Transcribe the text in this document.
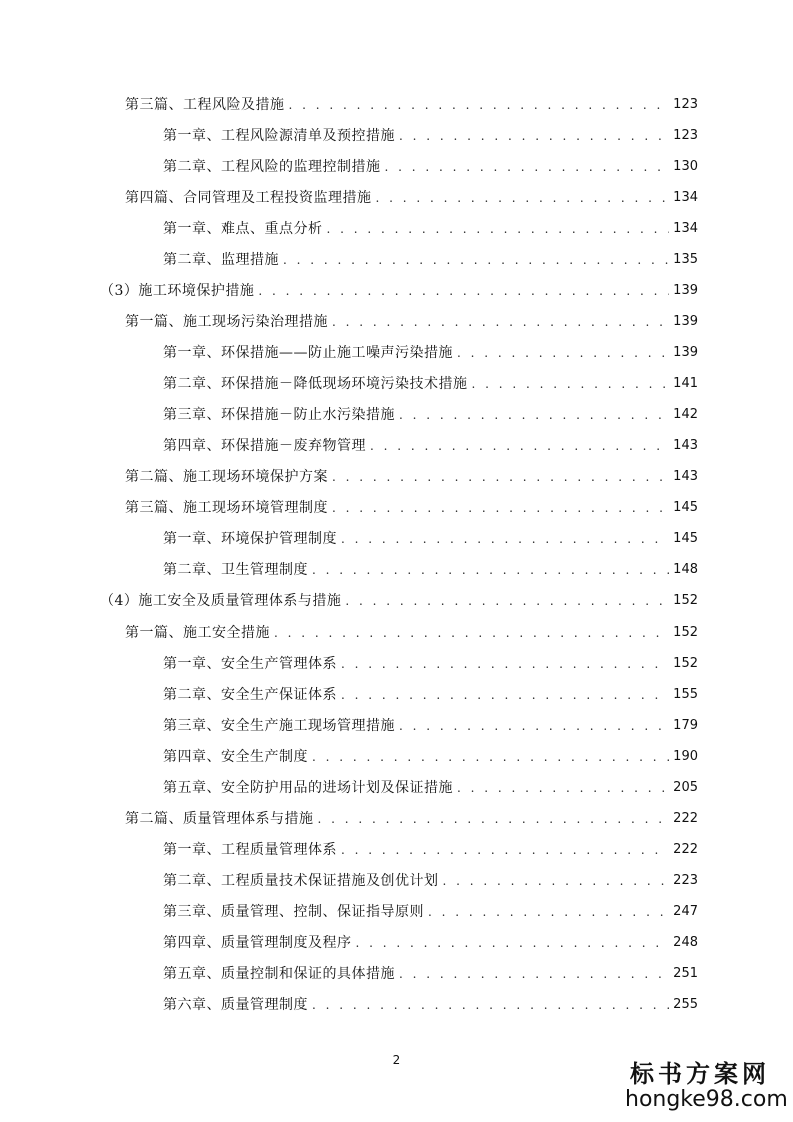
第三篇、工程风险及措施 . . .	123
第一章、工程风险源清单及预控措施 . . .	123
第二章、工程风险的监理控制措施 . . .	130
第四篇、合同管理及工程投资监理措施 . . .	134
第一章、难点、重点分析 . . .	134
第二章、监理措施 . . .	135
（3）施工环境保护措施 . . .	139
第一篇、施工现场污染治理措施 . . .	139
第一章、环保措施——防止施工噪声污染措施 . . .	139
第二章、环保措施－降低现场环境污染技术措施 . . .	141
第三章、环保措施－防止水污染措施 . . .	142
第四章、环保措施－废弃物管理 . . .	143
第二篇、施工现场环境保护方案 . . .	143
第三篇、施工现场环境管理制度 . . .	145
第一章、环境保护管理制度 . . .	145
第二章、卫生管理制度 . . .	148
（4）施工安全及质量管理体系与措施 . . .	152
第一篇、施工安全措施 . . .	152
第一章、安全生产管理体系 . . .	152
第二章、安全生产保证体系 . . .	155
第三章、安全生产施工现场管理措施 . . .	179
第四章、安全生产制度 . . .	190
第五章、安全防护用品的进场计划及保证措施 . . .	205
第二篇、质量管理体系与措施 . . .	222
第一章、工程质量管理体系 . . .	222
第二章、工程质量技术保证措施及创优计划 . . .	223
第三章、质量管理、控制、保证指导原则 . . .	247
第四章、质量管理制度及程序 . . .	248
第五章、质量控制和保证的具体措施 . . .	251
第六章、质量管理制度 . . .	255
2	标书方案网
hongke98.com
